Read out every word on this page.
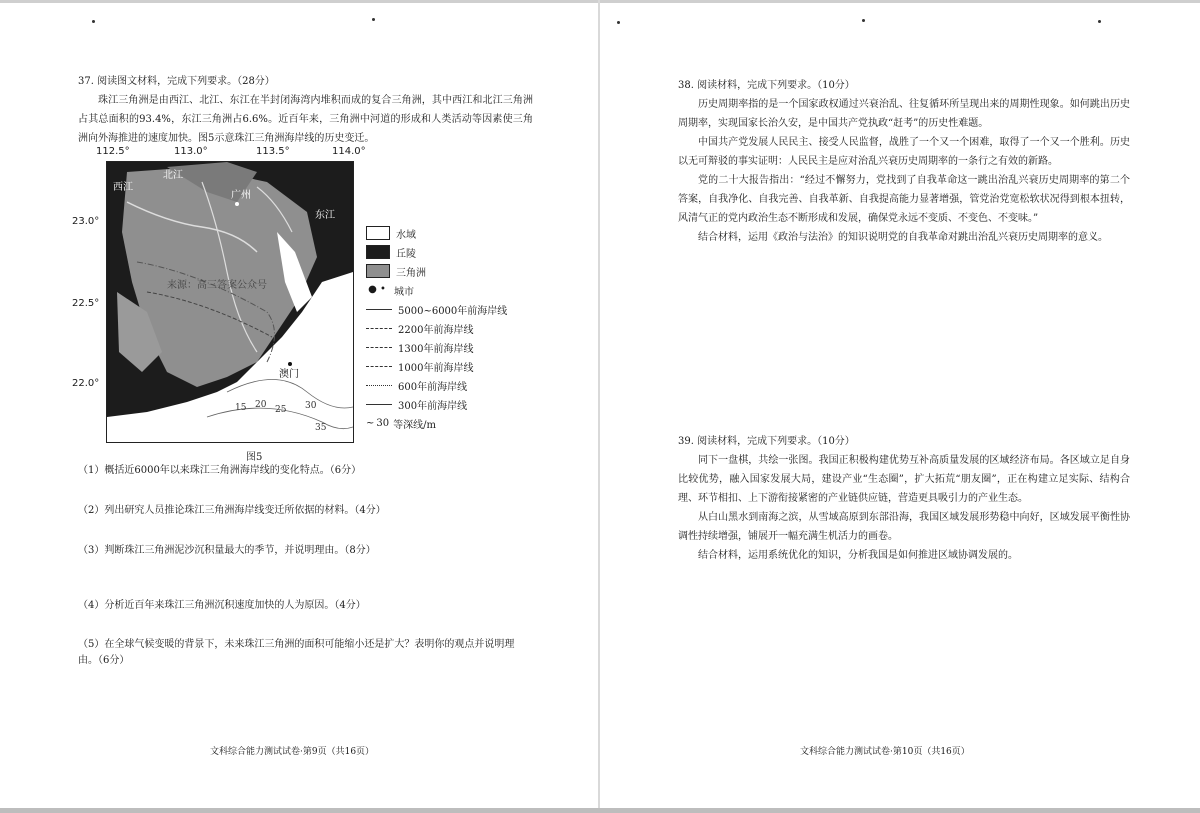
37. 阅读图文材料，完成下列要求。（28分）
珠江三角洲是由西江、北江、东江在半封闭海湾内堆积而成的复合三角洲，其中西江和北江三角洲占其总面积的93.4%，东江三角洲占6.6%。近百年来，三角洲中河道的形成和人类活动等因素使三角洲向外海推进的速度加快。图5示意珠江三角洲海岸线的历史变迁。
112.5°	113.0°	113.5°	114.0°
23.0°
22.5°
22.0°
西江
北江
广州
东江
澳门
来源：高三答案公众号
15 20 25 30
35
水域
丘陵
三角洲
● • 城市
5000~6000年前海岸线
2200年前海岸线
1300年前海岸线
1000年前海岸线
600年前海岸线
300年前海岸线
~ 30 等深线/m
图5
（1）概括近6000年以来珠江三角洲海岸线的变化特点。（6分）
（2）列出研究人员推论珠江三角洲海岸线变迁所依据的材料。（4分）
（3）判断珠江三角洲泥沙沉积量最大的季节，并说明理由。（8分）
（4）分析近百年来珠江三角洲沉积速度加快的人为原因。（4分）
（5）在全球气候变暖的背景下，未来珠江三角洲的面积可能缩小还是扩大？表明你的观点并说明理由。（6分）
文科综合能力测试试卷·第9页（共16页）
38. 阅读材料，完成下列要求。（10分）
历史周期率指的是一个国家政权通过兴衰治乱、往复循环所呈现出来的周期性现象。如何跳出历史周期率，实现国家长治久安，是中国共产党执政“赶考”的历史性难题。
中国共产党发展人民民主、接受人民监督，战胜了一个又一个困难，取得了一个又一个胜利。历史以无可辩驳的事实证明：人民民主是应对治乱兴衰历史周期率的一条行之有效的新路。
党的二十大报告指出：“经过不懈努力，党找到了自我革命这一跳出治乱兴衰历史周期率的第二个答案，自我净化、自我完善、自我革新、自我提高能力显著增强，管党治党宽松软状况得到根本扭转，风清气正的党内政治生态不断形成和发展，确保党永远不变质、不变色、不变味。”
结合材料，运用《政治与法治》的知识说明党的自我革命对跳出治乱兴衰历史周期率的意义。
39. 阅读材料，完成下列要求。（10分）
同下一盘棋，共绘一张图。我国正积极构建优势互补高质量发展的区域经济布局。各区域立足自身比较优势，融入国家发展大局，建设产业“生态圈”，扩大拓荒“朋友圈”，正在构建立足实际、结构合理、环节相扣、上下游衔接紧密的产业链供应链，营造更具吸引力的产业生态。
从白山黑水到南海之滨，从雪域高原到东部沿海，我国区域发展形势稳中向好，区域发展平衡性协调性持续增强，铺展开一幅充满生机活力的画卷。
结合材料，运用系统优化的知识，分析我国是如何推进区域协调发展的。
文科综合能力测试试卷·第10页（共16页）
